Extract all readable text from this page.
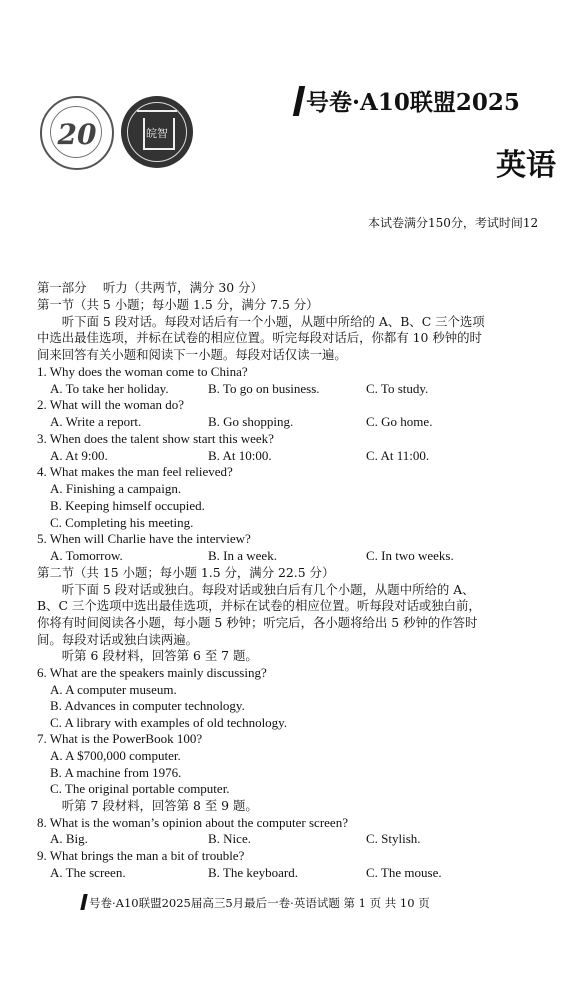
20	皖智
号卷·A10联盟2025
英语
本试卷满分150分，考试时间12
第一部分　 听力（共两节，满分 30 分）
第一节（共 5 小题；每小题 1.5 分，满分 7.5 分）
　　听下面 5 段对话。每段对话后有一个小题，从题中所给的 A、B、C 三个选项
中选出最佳选项，并标在试卷的相应位置。听完每段对话后，你都有 10 秒钟的时
间来回答有关小题和阅读下一小题。每段对话仅读一遍。
1. Why does the woman come to China?
A. To take her holiday.	B. To go on business.	C. To study.
2. What will the woman do?
A. Write a report.	B. Go shopping.	C. Go home.
3. When does the talent show start this week?
A. At 9:00.	B. At 10:00.	C. At 11:00.
4. What makes the man feel relieved?
A. Finishing a campaign.
B. Keeping himself occupied.
C. Completing his meeting.
5. When will Charlie have the interview?
A. Tomorrow.	B. In a week.	C. In two weeks.
第二节（共 15 小题；每小题 1.5 分，满分 22.5 分）
　　听下面 5 段对话或独白。每段对话或独白后有几个小题，从题中所给的 A、
B、C 三个选项中选出最佳选项，并标在试卷的相应位置。听每段对话或独白前，
你将有时间阅读各小题，每小题 5 秒钟；听完后，各小题将给出 5 秒钟的作答时
间。每段对话或独白读两遍。
　　听第 6 段材料，回答第 6 至 7 题。
6. What are the speakers mainly discussing?
A. A computer museum.
B. Advances in computer technology.
C. A library with examples of old technology.
7. What is the PowerBook 100?
A. A $700,000 computer.
B. A machine from 1976.
C. The original portable computer.
　　听第 7 段材料，回答第 8 至 9 题。
8. What is the woman’s opinion about the computer screen?
A. Big.	B. Nice.	C. Stylish.
9. What brings the man a bit of trouble?
A. The screen.	B. The keyboard.	C. The mouse.
号卷·A10联盟2025届高三5月最后一卷·英语试题 第 1 页 共 10 页
